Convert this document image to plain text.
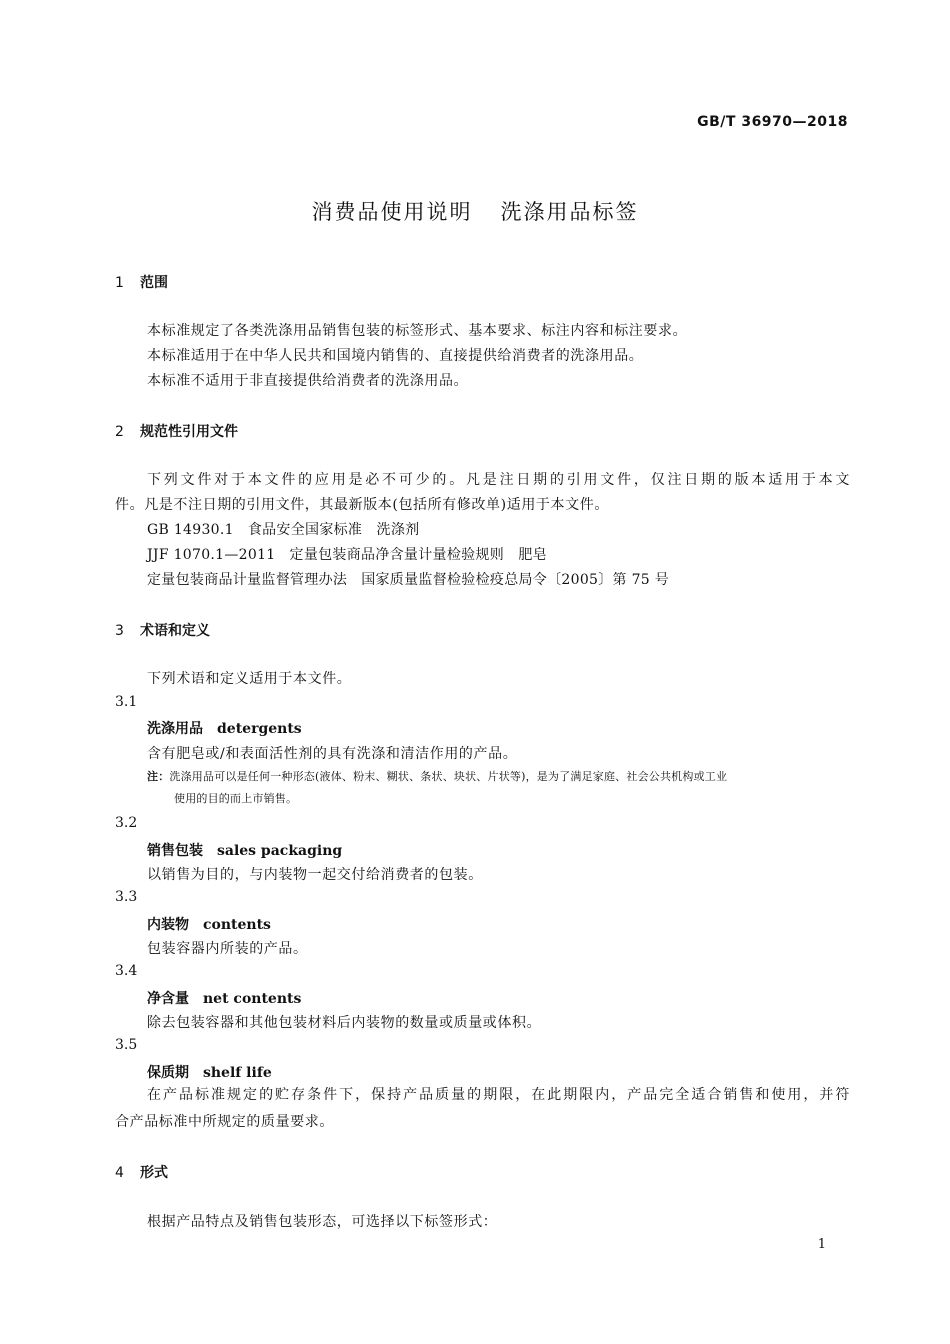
GB/T 36970—2018
消费品使用说明 洗涤用品标签
1 范围
本标准规定了各类洗涤用品销售包装的标签形式、基本要求、标注内容和标注要求。
本标准适用于在中华人民共和国境内销售的、直接提供给消费者的洗涤用品。
本标准不适用于非直接提供给消费者的洗涤用品。
2 规范性引用文件
下列文件对于本文件的应用是必不可少的。凡是注日期的引用文件，仅注日期的版本适用于本文
件。凡是不注日期的引用文件，其最新版本(包括所有修改单)适用于本文件。
GB 14930.1 食品安全国家标准　洗涤剂
JJF 1070.1—2011 定量包装商品净含量计量检验规则　肥皂
定量包装商品计量监督管理办法 国家质量监督检验检疫总局令〔2005〕第 75 号
3 术语和定义
下列术语和定义适用于本文件。
3.1
洗涤用品 detergents
含有肥皂或/和表面活性剂的具有洗涤和清洁作用的产品。
注：洗涤用品可以是任何一种形态(液体、粉末、糊状、条状、块状、片状等)，是为了满足家庭、社会公共机构或工业
使用的目的而上市销售。
3.2
销售包装 sales packaging
以销售为目的，与内装物一起交付给消费者的包装。
3.3
内装物 contents
包装容器内所装的产品。
3.4
净含量 net contents
除去包装容器和其他包装材料后内装物的数量或质量或体积。
3.5
保质期 shelf life
在产品标准规定的贮存条件下，保持产品质量的期限，在此期限内，产品完全适合销售和使用，并符
合产品标准中所规定的质量要求。
4 形式
根据产品特点及销售包装形态，可选择以下标签形式：
1
